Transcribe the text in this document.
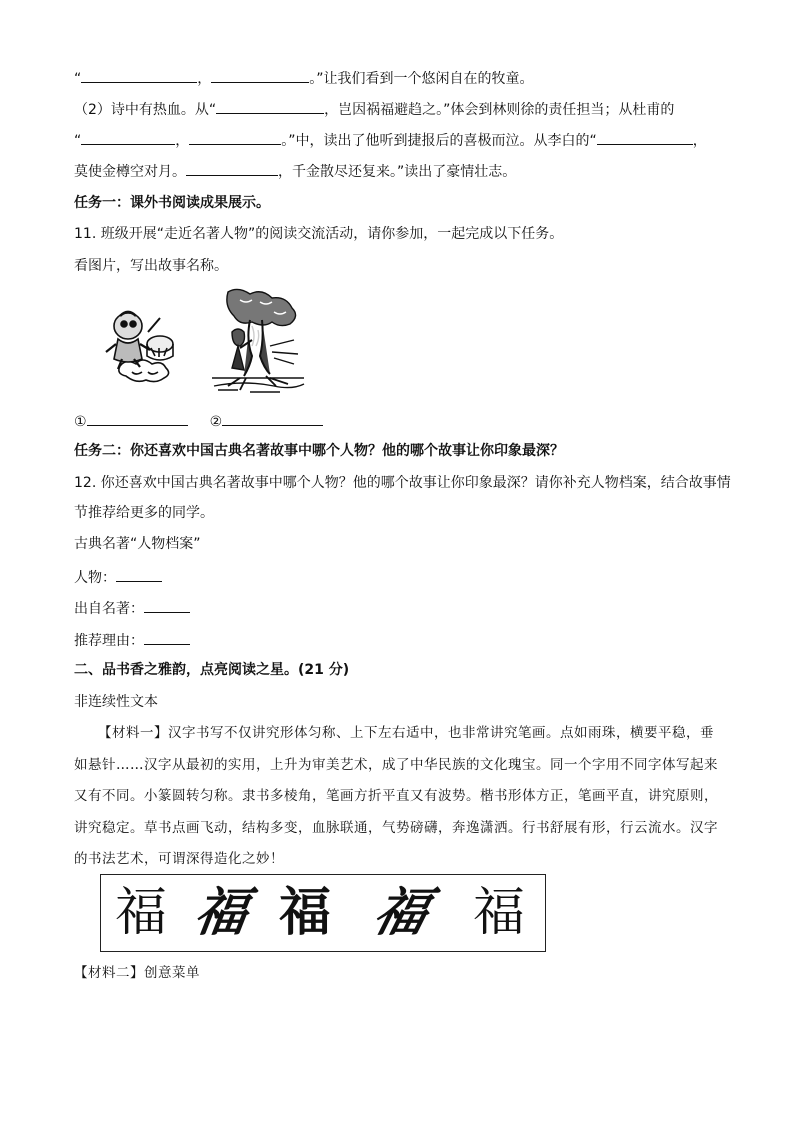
“	，	。”让我们看到一个悠闲自在的牧童。
（2）诗中有热血。从“	，岂因祸福避趋之。”体会到林则徐的责任担当；从杜甫的
“	，	。”中，读出了他听到捷报后的喜极而泣。从李白的“	，
莫使金樽空对月。	，千金散尽还复来。”读出了豪情壮志。
任务一：课外书阅读成果展示。
11. 班级开展“走近名著人物”的阅读交流活动，请你参加，一起完成以下任务。
看图片，写出故事名称。
①	②
任务二：你还喜欢中国古典名著故事中哪个人物？他的哪个故事让你印象最深？
12. 你还喜欢中国古典名著故事中哪个人物？他的哪个故事让你印象最深？请你补充人物档案，结合故事情
节推荐给更多的同学。
古典名著“人物档案”
人物：
出自名著：
推荐理由：
二、品书香之雅韵，点亮阅读之星。(21 分)
非连续性文本
【材料一】汉字书写不仅讲究形体匀称、上下左右适中，也非常讲究笔画。点如雨珠，横要平稳，垂
如悬针……汉字从最初的实用，上升为审美艺术，成了中华民族的文化瑰宝。同一个字用不同字体写起来
又有不同。小篆圆转匀称。隶书多棱角，笔画方折平直又有波势。楷书形体方正，笔画平直，讲究原则，
讲究稳定。草书点画飞动，结构多变，血脉联通，气势磅礴，奔逸潇洒。行书舒展有形，行云流水。汉字
的书法艺术，可谓深得造化之妙！
福 福 福 福 福
【材料二】创意菜单
